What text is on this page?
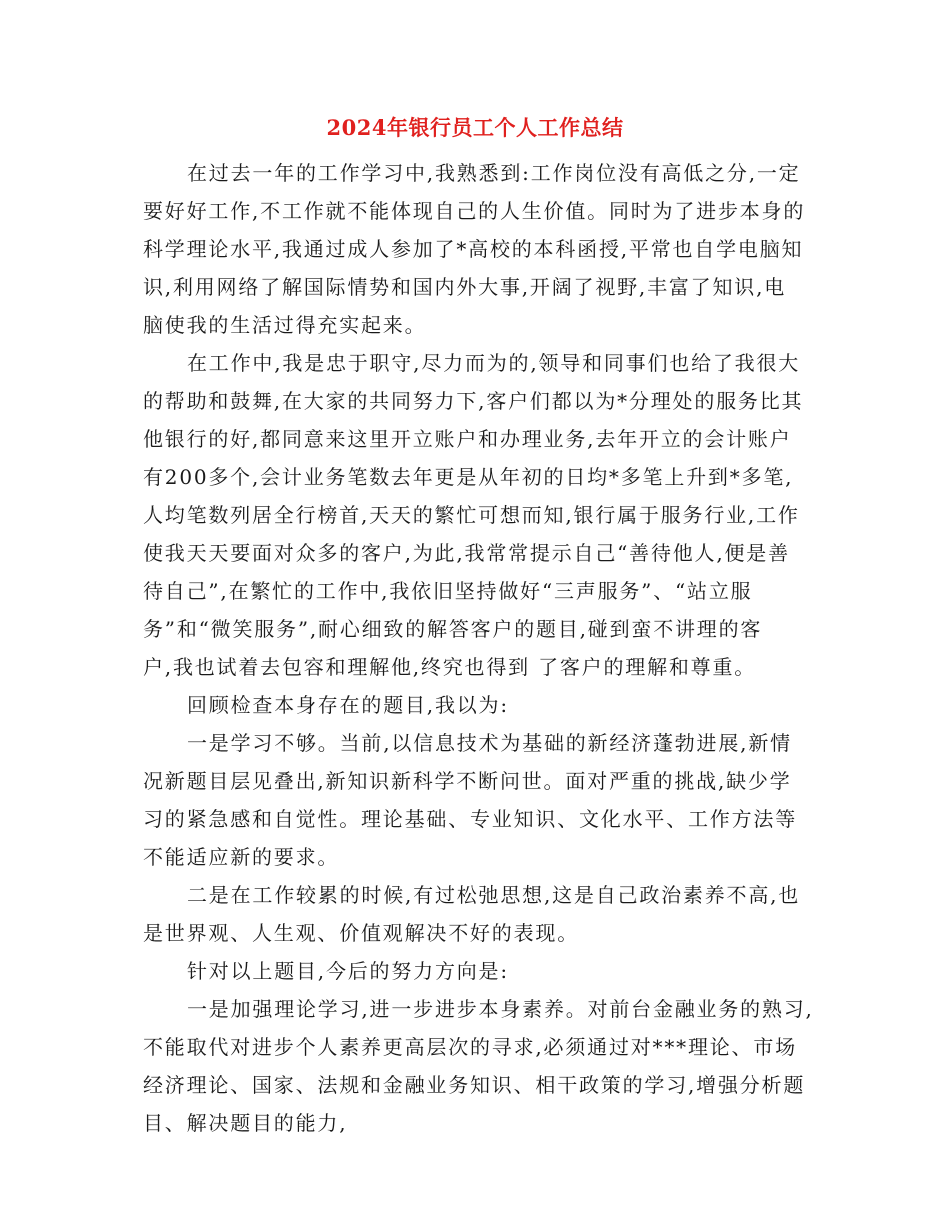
2024年银行员工个人工作总结
在过去一年的工作学习中,我熟悉到:工作岗位没有高低之分,一定
要好好工作,不工作就不能体现自己的人生价值。同时为了进步本身的
科学理论水平,我通过成人参加了*高校的本科函授,平常也自学电脑知
识,利用网络了解国际情势和国内外大事,开阔了视野,丰富了知识,电
脑使我的生活过得充实起来。
在工作中,我是忠于职守,尽力而为的,领导和同事们也给了我很大
的帮助和鼓舞,在大家的共同努力下,客户们都以为*分理处的服务比其
他银行的好,都同意来这里开立账户和办理业务,去年开立的会计账户
有200多个,会计业务笔数去年更是从年初的日均*多笔上升到*多笔,
人均笔数列居全行榜首,天天的繁忙可想而知,银行属于服务行业,工作
使我天天要面对众多的客户,为此,我常常提示自己“善待他人,便是善
待自己”,在繁忙的工作中,我依旧坚持做好“三声服务”、“站立服
务”和“微笑服务”,耐心细致的解答客户的题目,碰到蛮不讲理的客
户,我也试着去包容和理解他,终究也得到 了客户的理解和尊重。
回顾检查本身存在的题目,我以为:
一是学习不够。当前,以信息技术为基础的新经济蓬勃进展,新情
况新题目层见叠出,新知识新科学不断问世。面对严重的挑战,缺少学
习的紧急感和自觉性。理论基础、专业知识、文化水平、工作方法等
不能适应新的要求。
二是在工作较累的时候,有过松弛思想,这是自己政治素养不高,也
是世界观、人生观、价值观解决不好的表现。
针对以上题目,今后的努力方向是:
一是加强理论学习,进一步进步本身素养。对前台金融业务的熟习,
不能取代对进步个人素养更高层次的寻求,必须通过对***理论、市场
经济理论、国家、法规和金融业务知识、相干政策的学习,增强分析题
目、解决题目的能力,
